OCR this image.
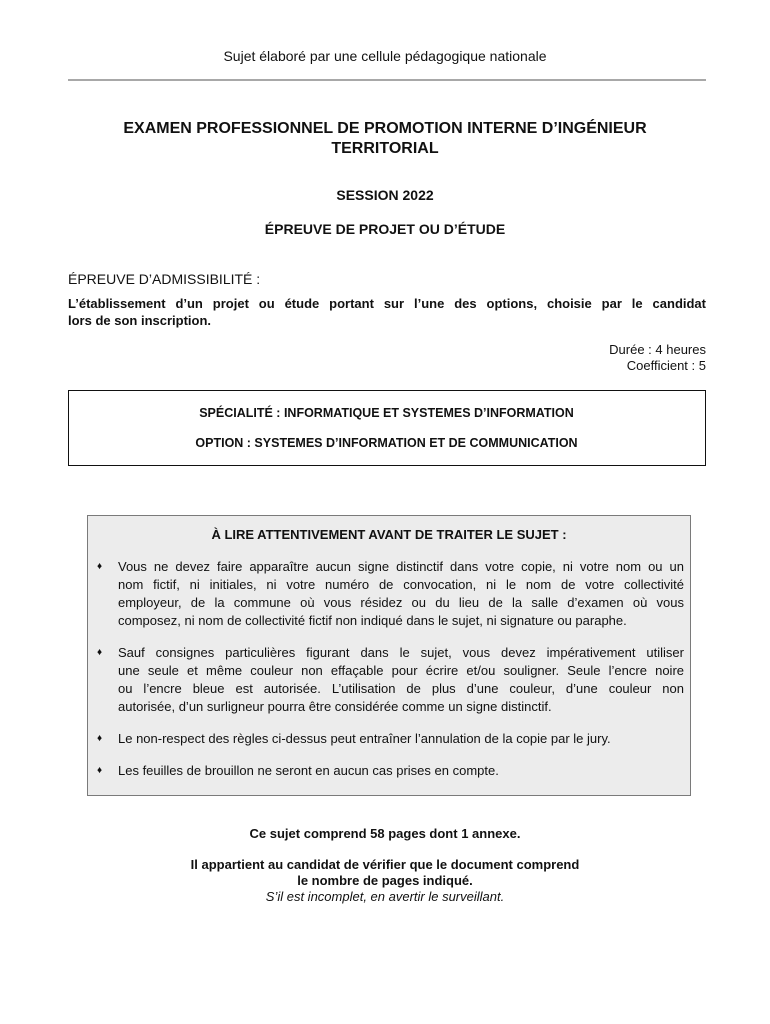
Sujet élaboré par une cellule pédagogique nationale
EXAMEN PROFESSIONNEL DE PROMOTION INTERNE D’INGÉNIEUR
TERRITORIAL
SESSION 2022
ÉPREUVE DE PROJET OU D’ÉTUDE
ÉPREUVE D’ADMISSIBILITÉ :
L’établissement d’un projet ou étude portant sur l’une des options, choisie par le candidat
lors de son inscription.
Durée : 4 heures
Coefficient : 5
SPÉCIALITÉ : INFORMATIQUE ET SYSTEMES D’INFORMATION
OPTION : SYSTEMES D’INFORMATION ET DE COMMUNICATION
À LIRE ATTENTIVEMENT AVANT DE TRAITER LE SUJET :
♦ Vous ne devez faire apparaître aucun signe distinctif dans votre copie, ni votre nom ou un
nom fictif, ni initiales, ni votre numéro de convocation, ni le nom de votre collectivité
employeur, de la commune où vous résidez ou du lieu de la salle d’examen où vous
composez, ni nom de collectivité fictif non indiqué dans le sujet, ni signature ou paraphe.
♦ Sauf consignes particulières figurant dans le sujet, vous devez impérativement utiliser
une seule et même couleur non effaçable pour écrire et/ou souligner. Seule l’encre noire
ou l’encre bleue est autorisée. L’utilisation de plus d’une couleur, d’une couleur non
autorisée, d’un surligneur pourra être considérée comme un signe distinctif.
♦ Le non-respect des règles ci-dessus peut entraîner l’annulation de la copie par le jury.
♦ Les feuilles de brouillon ne seront en aucun cas prises en compte.
Ce sujet comprend 58 pages dont 1 annexe.
Il appartient au candidat de vérifier que le document comprend
le nombre de pages indiqué.
S’il est incomplet, en avertir le surveillant.
